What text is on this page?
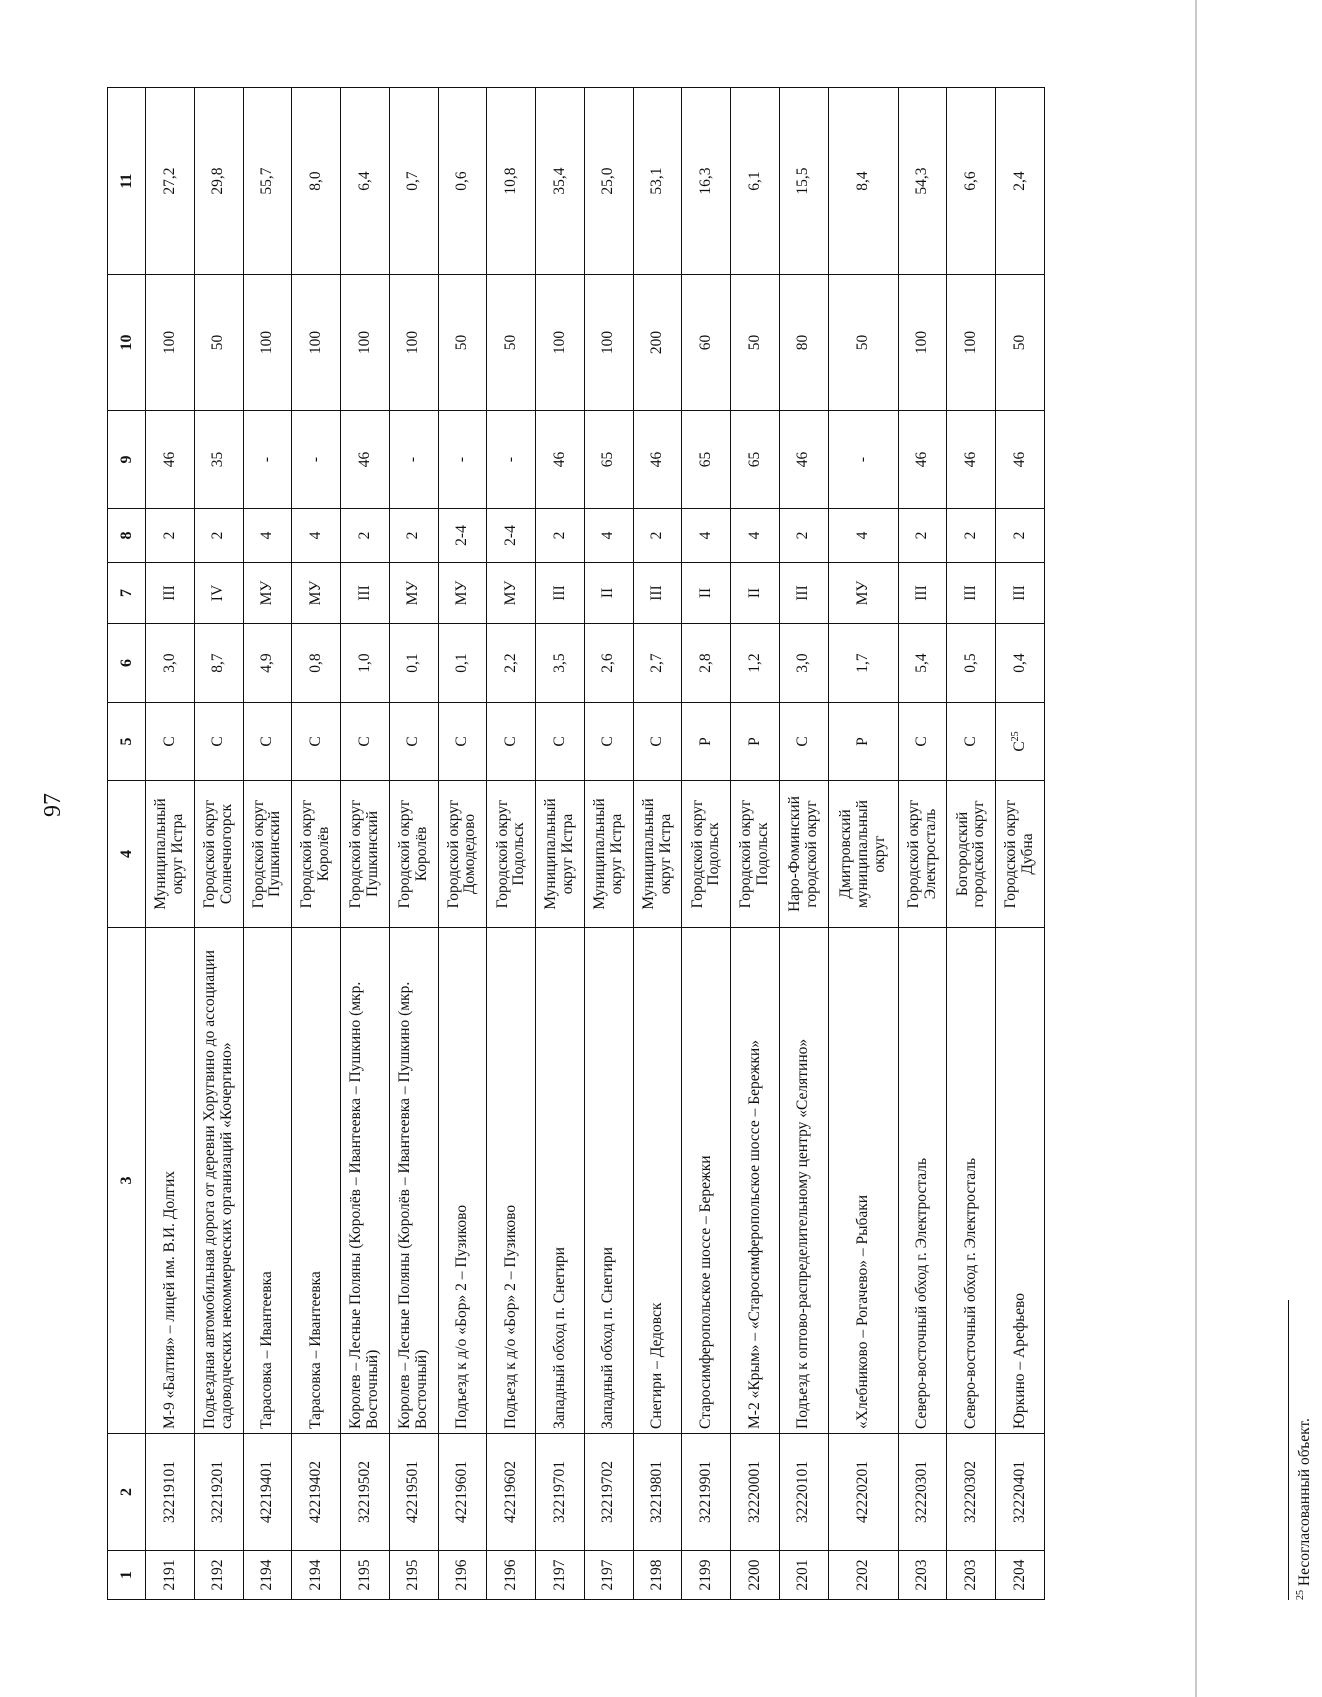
97
1	2	3	4	5	6	7	8	9	10	11
2191	32219101	М-9 «Балтия» – лицей им. В.И. Долгих	Муниципальный округ Истра	С	3,0	III	2	46	100	27,2
2192	32219201	Подъездная автомобильная дорога от деревни Хоругвино до ассоциации садоводческих некоммерческих организаций «Кочергино»	Городской округ Солнечногорск	С	8,7	IV	2	35	50	29,8
2194	42219401	Тарасовка – Ивантеевка	Городской округ Пушкинский	С	4,9	МУ	4	-	100	55,7
2194	42219402	Тарасовка – Ивантеевка	Городской округ Королёв	С	0,8	МУ	4	-	100	8,0
2195	32219502	Королев – Лесные Поляны (Королёв – Ивантеевка – Пушкино (мкр. Восточный)	Городской округ Пушкинский	С	1,0	III	2	46	100	6,4
2195	42219501	Королев – Лесные Поляны (Королёв – Ивантеевка – Пушкино (мкр. Восточный)	Городской округ Королёв	С	0,1	МУ	2	-	100	0,7
2196	42219601	Подъезд к д/о «Бор» 2 – Пузиково	Городской округ Домодедово	С	0,1	МУ	2-4	-	50	0,6
2196	42219602	Подъезд к д/о «Бор» 2 – Пузиково	Городской округ Подольск	С	2,2	МУ	2-4	-	50	10,8
2197	32219701	Западный обход п. Снегири	Муниципальный округ Истра	С	3,5	III	2	46	100	35,4
2197	32219702	Западный обход п. Снегири	Муниципальный округ Истра	С	2,6	II	4	65	100	25,0
2198	32219801	Снегири – Дедовск	Муниципальный округ Истра	С	2,7	III	2	46	200	53,1
2199	32219901	Старосимферопольское шоссе – Бережки	Городской округ Подольск	Р	2,8	II	4	65	60	16,3
2200	32220001	М-2 «Крым» – «Старосимферопольское шоссе – Бережки»	Городской округ Подольск	Р	1,2	II	4	65	50	6,1
2201	32220101	Подъезд к оптово-распределительному центру «Селятино»	Наро-Фоминский городской округ	С	3,0	III	2	46	80	15,5
2202	42220201	«Хлебниково – Рогачево» – Рыбаки	Дмитровский муниципальный округ	Р	1,7	МУ	4	-	50	8,4
2203	32220301	Северо-восточный обход г. Электросталь	Городской округ Электросталь	С	5,4	III	2	46	100	54,3
2203	32220302	Северо-восточный обход г. Электросталь	Богородский городской округ	С	0,5	III	2	46	100	6,6
2204	32220401	Юркино – Арефьево	Городской округ Дубна	$С^{25}$	0,4	III	2	46	50	2,4
$^{25}$ Несогласованный объект.
